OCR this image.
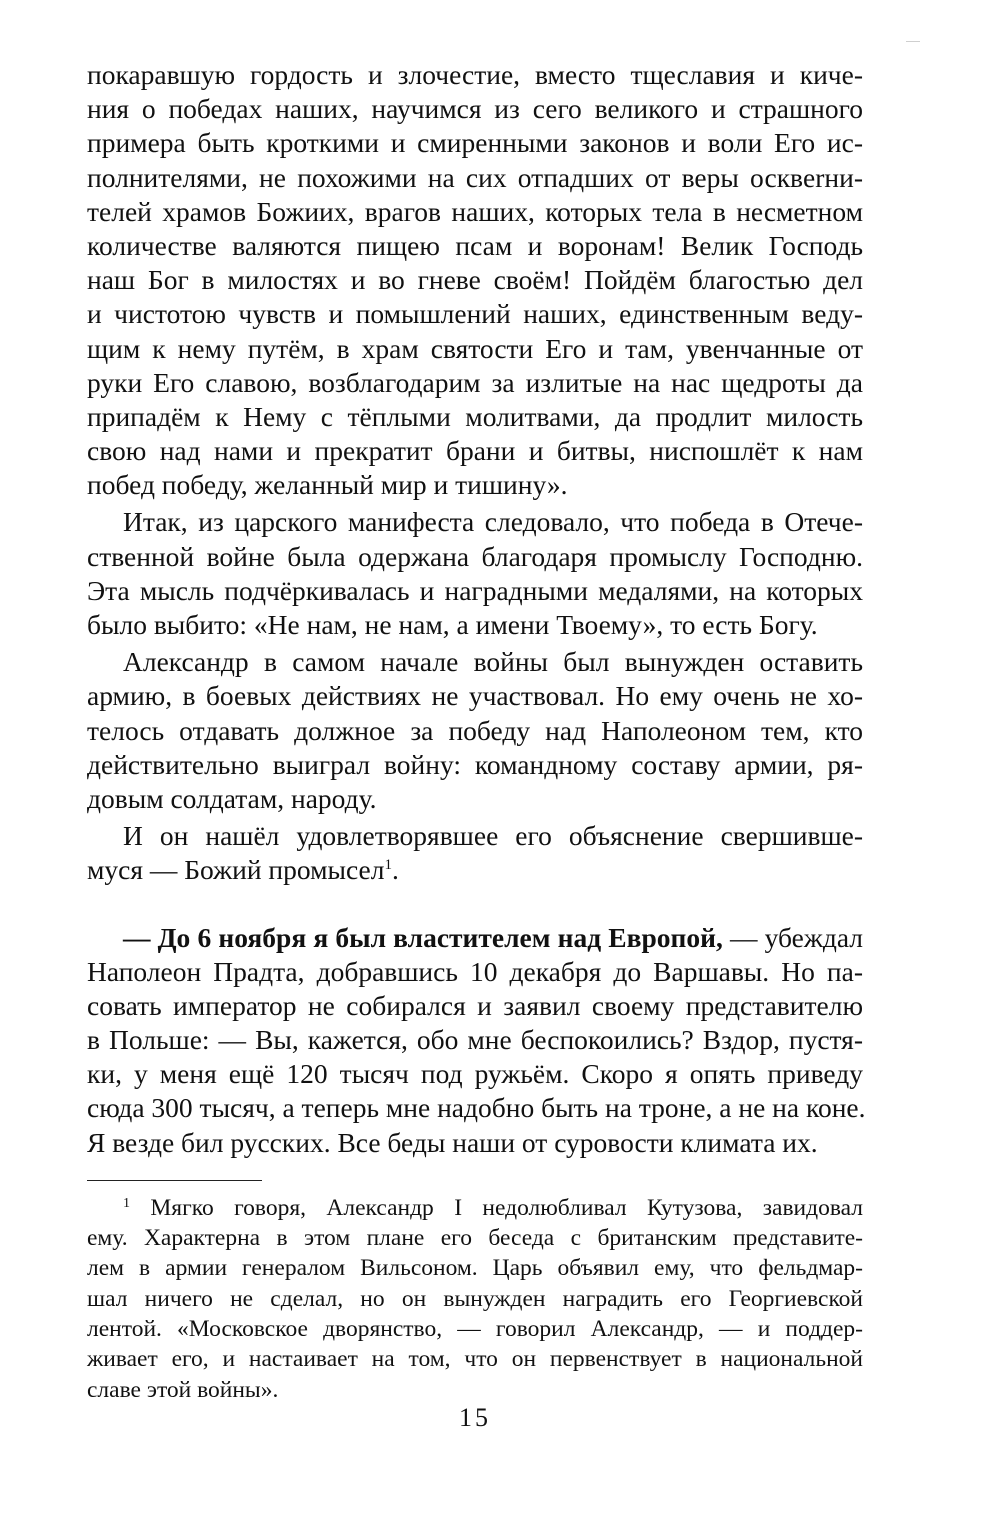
покаравшую гордость и злочестие, вместо тщеславия и киче-
ния о победах наших, научимся из сего великого и страшного
примера быть кроткими и смиренными законов и воли Его ис-
полнителями, не похожими на сих отпадших от веры осквerни-
телей храмов Божиих, врагов наших, которых тела в несметном
количестве валяются пищею псам и воронам! Велик Господь
наш Бог в милостях и во гневе своём! Пойдём благостью дел
и чистотою чувств и помышлений наших, единственным веду-
щим к нему путём, в храм святости Его и там, увенчанные от
руки Его славою, возблагодарим за излитые на нас щедроты да
припадём к Нему с тёплыми молитвами, да продлит милость
свою над нами и прекратит брани и битвы, ниспошлёт к нам
побед победу, желанный мир и тишину».
Итак, из царского манифеста следовало, что победа в Отече-
ственной войне была одержана благодаря промыслу Господню.
Эта мысль подчёркивалась и наградными медалями, на которых
было выбито: «Не нам, не нам, а имени Твоему», то есть Богу.
Александр в самом начале войны был вынужден оставить
армию, в боевых действиях не участвовал. Но ему очень не хо-
телось отдавать должное за победу над Наполеоном тем, кто
действительно выиграл войну: командному составу армии, ря-
довым солдатам, народу.
И он нашёл удовлетворявшее его объяснение свершивше-
муся — Божий промысел$^1$.
— До 6 ноября я был властителем над Европой, — убеждал
Наполеон Прадта, добравшись 10 декабря до Варшавы. Но па-
совать император не собирался и заявил своему представителю
в Польше: — Вы, кажется, обо мне беспокоились? Вздор, пустя-
ки, у меня ещё 120 тысяч под ружьём. Скоро я опять приведу
сюда 300 тысяч, а теперь мне надобно быть на троне, а не на коне.
Я везде бил русских. Все беды наши от суровости климата их.
$^1$ Мягко говоря, Александр I недолюбливал Кутузова, завидовал
ему. Характерна в этом плане его беседа с британским представите-
лем в армии генералом Вильсоном. Царь объявил ему, что фельдмар-
шал ничего не сделал, но он вынужден наградить его Георгиевской
лентой. «Московское дворянство, — говорил Александр, — и поддер-
живает его, и настаивает на том, что он первенствует в национальной
славе этой войны».
15
